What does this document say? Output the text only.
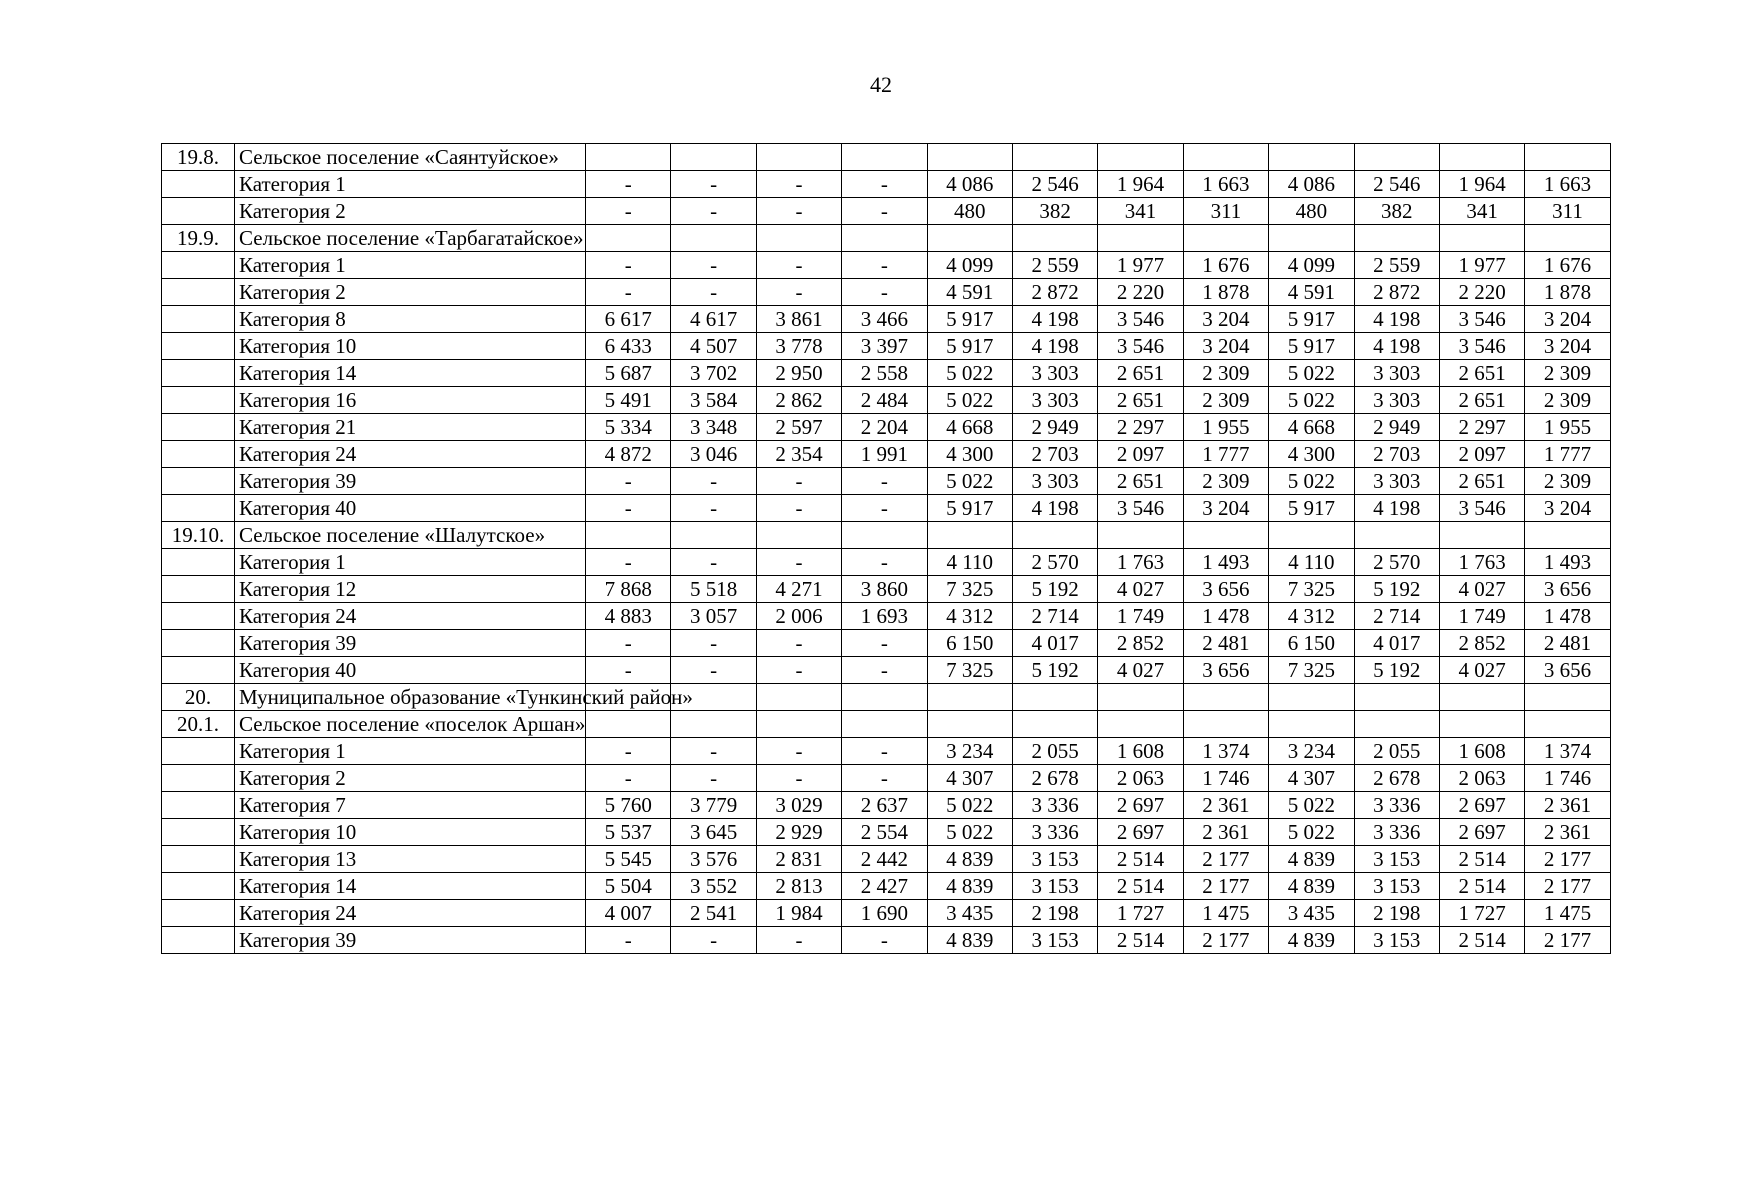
42
19.8.	Сельское поселение «Саянтуйское»												
	Категория 1	-	-	-	-	4 086	2 546	1 964	1 663	4 086	2 546	1 964	1 663
	Категория 2	-	-	-	-	480	382	341	311	480	382	341	311
19.9.	Сельское поселение «Тарбагатайское»												
	Категория 1	-	-	-	-	4 099	2 559	1 977	1 676	4 099	2 559	1 977	1 676
	Категория 2	-	-	-	-	4 591	2 872	2 220	1 878	4 591	2 872	2 220	1 878
	Категория 8	6 617	4 617	3 861	3 466	5 917	4 198	3 546	3 204	5 917	4 198	3 546	3 204
	Категория 10	6 433	4 507	3 778	3 397	5 917	4 198	3 546	3 204	5 917	4 198	3 546	3 204
	Категория 14	5 687	3 702	2 950	2 558	5 022	3 303	2 651	2 309	5 022	3 303	2 651	2 309
	Категория 16	5 491	3 584	2 862	2 484	5 022	3 303	2 651	2 309	5 022	3 303	2 651	2 309
	Категория 21	5 334	3 348	2 597	2 204	4 668	2 949	2 297	1 955	4 668	2 949	2 297	1 955
	Категория 24	4 872	3 046	2 354	1 991	4 300	2 703	2 097	1 777	4 300	2 703	2 097	1 777
	Категория 39	-	-	-	-	5 022	3 303	2 651	2 309	5 022	3 303	2 651	2 309
	Категория 40	-	-	-	-	5 917	4 198	3 546	3 204	5 917	4 198	3 546	3 204
19.10.	Сельское поселение «Шалутское»												
	Категория 1	-	-	-	-	4 110	2 570	1 763	1 493	4 110	2 570	1 763	1 493
	Категория 12	7 868	5 518	4 271	3 860	7 325	5 192	4 027	3 656	7 325	5 192	4 027	3 656
	Категория 24	4 883	3 057	2 006	1 693	4 312	2 714	1 749	1 478	4 312	2 714	1 749	1 478
	Категория 39	-	-	-	-	6 150	4 017	2 852	2 481	6 150	4 017	2 852	2 481
	Категория 40	-	-	-	-	7 325	5 192	4 027	3 656	7 325	5 192	4 027	3 656
20.	Муниципальное образование «Тункинский район»												
20.1.	Сельское поселение «поселок Аршан»												
	Категория 1	-	-	-	-	3 234	2 055	1 608	1 374	3 234	2 055	1 608	1 374
	Категория 2	-	-	-	-	4 307	2 678	2 063	1 746	4 307	2 678	2 063	1 746
	Категория 7	5 760	3 779	3 029	2 637	5 022	3 336	2 697	2 361	5 022	3 336	2 697	2 361
	Категория 10	5 537	3 645	2 929	2 554	5 022	3 336	2 697	2 361	5 022	3 336	2 697	2 361
	Категория 13	5 545	3 576	2 831	2 442	4 839	3 153	2 514	2 177	4 839	3 153	2 514	2 177
	Категория 14	5 504	3 552	2 813	2 427	4 839	3 153	2 514	2 177	4 839	3 153	2 514	2 177
	Категория 24	4 007	2 541	1 984	1 690	3 435	2 198	1 727	1 475	3 435	2 198	1 727	1 475
	Категория 39	-	-	-	-	4 839	3 153	2 514	2 177	4 839	3 153	2 514	2 177
